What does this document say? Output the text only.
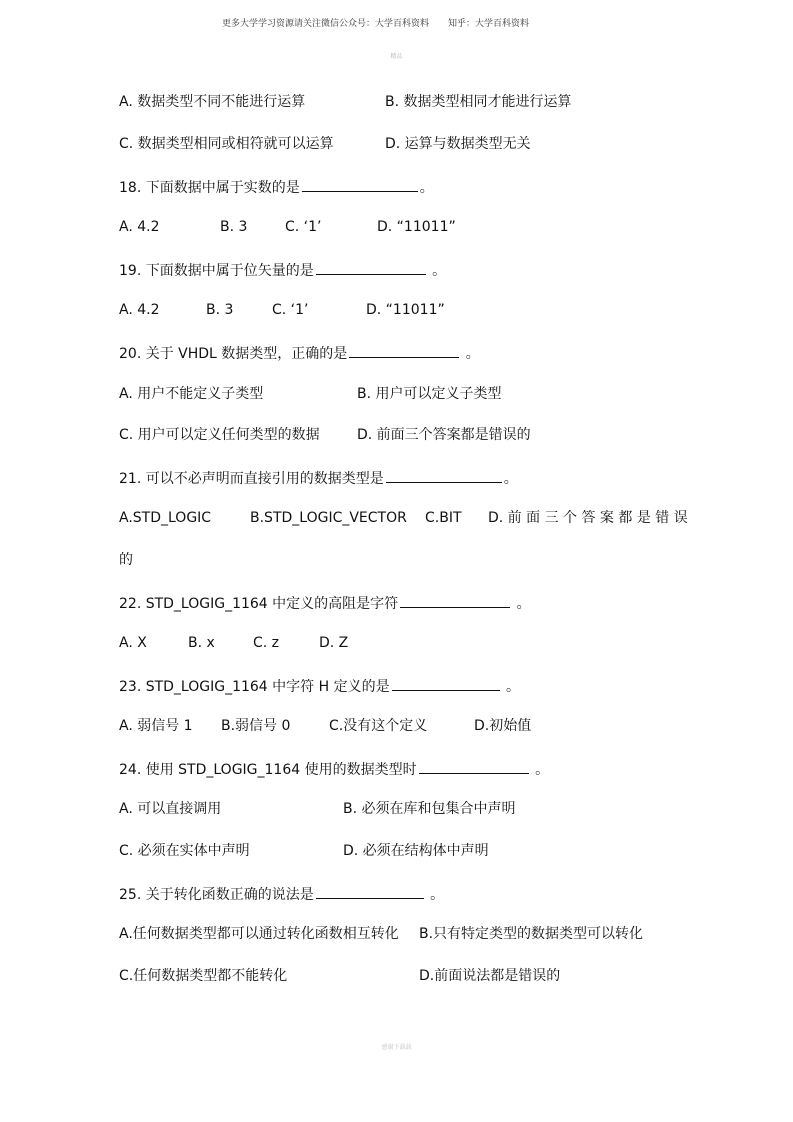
更多大学学习资源请关注微信公众号：大学百科资料 知乎：大学百科资料
精品
A. 数据类型不同不能进行运算	B. 数据类型相同才能进行运算
C. 数据类型相同或相符就可以运算	D. 运算与数据类型无关
18. 下面数据中属于实数的是	。
A. 4.2	B. 3	C. ‘1’	D. “11011”
19. 下面数据中属于位矢量的是	。
A. 4.2	B. 3	C. ‘1’	D. “11011”
20. 关于 VHDL 数据类型，正确的是	。
A. 用户不能定义子类型	B. 用户可以定义子类型
C. 用户可以定义任何类型的数据	D. 前面三个答案都是错误的
21. 可以不必声明而直接引用的数据类型是	。
A.STD_LOGIC	B.STD_LOGIC_VECTOR C.BIT D. 前 面 三 个 答 案 都 是 错 误
的
22. STD_LOGIG_1164 中定义的高阻是字符	。
A. X	B. x	C. z	D. Z
23. STD_LOGIG_1164 中字符 H 定义的是	。
A. 弱信号 1 B.弱信号 0	C.没有这个定义	D.初始值
24. 使用 STD_LOGIG_1164 使用的数据类型时	。
A. 可以直接调用	B. 必须在库和包集合中声明
C. 必须在实体中声明	D. 必须在结构体中声明
25. 关于转化函数正确的说法是	。
A.任何数据类型都可以通过转化函数相互转化 B.只有特定类型的数据类型可以转化
C.任何数据类型都不能转化	D.前面说法都是错误的
感谢下载载
